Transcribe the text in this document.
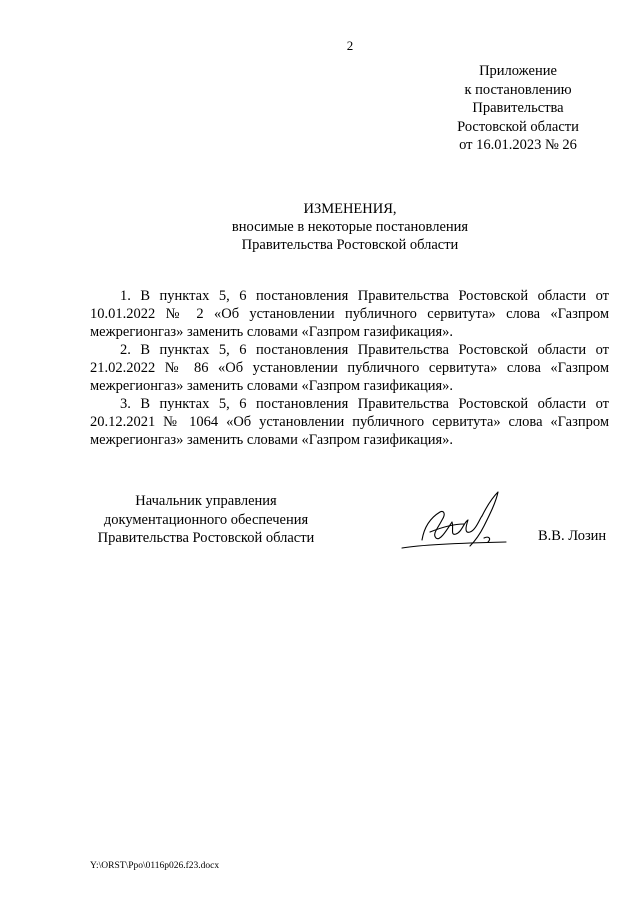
2
Приложение
к постановлению
Правительства
Ростовской области
от 16.01.2023 № 26
ИЗМЕНЕНИЯ,
вносимые в некоторые постановления
Правительства Ростовской области

1. В пунктах 5, 6 постановления Правительства Ростовской области от 10.01.2022 № 2 «Об установлении публичного сервитута» слова «Газпром межрегионгаз» заменить словами «Газпром газификация».

2. В пунктах 5, 6 постановления Правительства Ростовской области от 21.02.2022 № 86 «Об установлении публичного сервитута» слова «Газпром межрегионгаз» заменить словами «Газпром газификация».

3. В пунктах 5, 6 постановления Правительства Ростовской области от 20.12.2021 № 1064 «Об установлении публичного сервитута» слова «Газпром межрегионгаз» заменить словами «Газпром газификация».

Начальник управления
документационного обеспечения
Правительства Ростовской области	В.В. Лозин
Y:\ORST\Ppo\0116p026.f23.docx
